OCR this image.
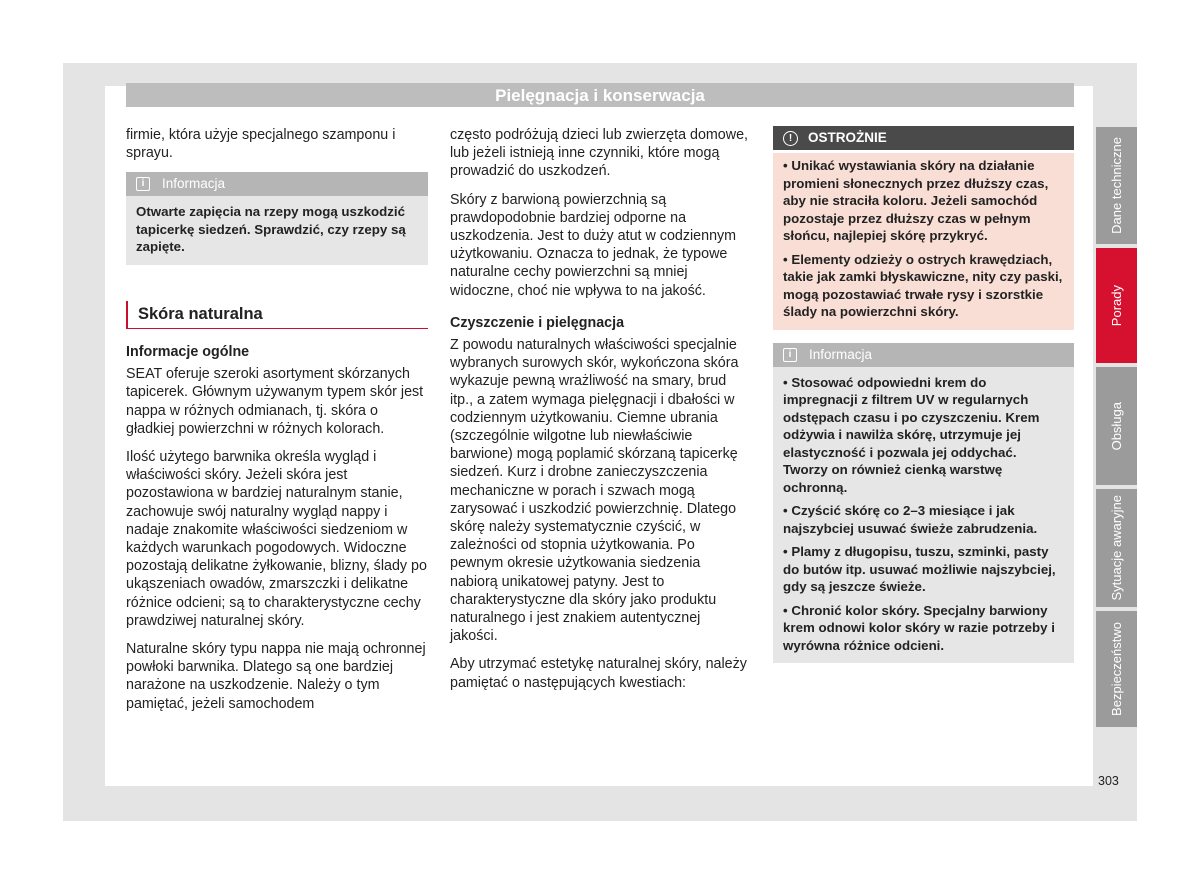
Pielęgnacja i konserwacja

firmie, która użyje specjalnego szamponu i sprayu.

i	Informacja

Otwarte zapięcia na rzepy mogą uszkodzić tapicerkę siedzeń. Sprawdzić, czy rzepy są zapięte.

Skóra naturalna
Informacje ogólne

SEAT oferuje szeroki asortyment skórzanych tapicerek. Głównym używanym typem skór jest nappa w różnych odmianach, tj. skóra o gładkiej powierzchni w różnych kolorach.

Ilość użytego barwnika określa wygląd i właściwości skóry. Jeżeli skóra jest pozostawiona w bardziej naturalnym stanie, zachowuje swój naturalny wygląd nappy i nadaje znakomite właściwości siedzeniom w każdych warunkach pogodowych. Widoczne pozostają delikatne żyłkowanie, blizny, ślady po ukąszeniach owadów, zmarszczki i delikatne różnice odcieni; są to charakterystyczne cechy prawdziwej naturalnej skóry.

Naturalne skóry typu nappa nie mają ochronnej powłoki barwnika. Dlatego są one bardziej narażone na uszkodzenie. Należy o tym pamiętać, jeżeli samochodem

często podróżują dzieci lub zwierzęta domowe, lub jeżeli istnieją inne czynniki, które mogą prowadzić do uszkodzeń.

Skóry z barwioną powierzchnią są prawdopodobnie bardziej odporne na uszkodzenia. Jest to duży atut w codziennym użytkowaniu. Oznacza to jednak, że typowe naturalne cechy powierzchni są mniej widoczne, choć nie wpływa to na jakość.

Czyszczenie i pielęgnacja

Z powodu naturalnych właściwości specjalnie wybranych surowych skór, wykończona skóra wykazuje pewną wrażliwość na smary, brud itp., a zatem wymaga pielęgnacji i dbałości w codziennym użytkowaniu. Ciemne ubrania (szczególnie wilgotne lub niewłaściwie barwione) mogą poplamić skórzaną tapicerkę siedzeń. Kurz i drobne zanieczyszczenia mechaniczne w porach i szwach mogą zarysować i uszkodzić powierzchnię. Dlatego skórę należy systematycznie czyścić, w zależności od stopnia użytkowania. Po pewnym okresie użytkowania siedzenia nabiorą unikatowej patyny. Jest to charakterystyczne dla skóry jako produktu naturalnego i jest znakiem autentycznej jakości.

Aby utrzymać estetykę naturalnej skóry, należy pamiętać o następujących kwestiach:

!	OSTROŻNIE

• Unikać wystawiania skóry na działanie promieni słonecznych przez dłuższy czas, aby nie straciła koloru. Jeżeli samochód pozostaje przez dłuższy czas w pełnym słońcu, najlepiej skórę przykryć.

• Elementy odzieży o ostrych krawędziach, takie jak zamki błyskawiczne, nity czy paski, mogą pozostawiać trwałe rysy i szorstkie ślady na powierzchni skóry.

i	Informacja

• Stosować odpowiedni krem do impregnacji z filtrem UV w regularnych odstępach czasu i po czyszczeniu. Krem odżywia i nawilża skórę, utrzymuje jej elastyczność i pozwala jej oddychać. Tworzy on również cienką warstwę ochronną.

• Czyścić skórę co 2–3 miesiące i jak najszybciej usuwać świeże zabrudzenia.

• Plamy z długopisu, tuszu, szminki, pasty do butów itp. usuwać możliwie najszybciej, gdy są jeszcze świeże.

• Chronić kolor skóry. Specjalny barwiony krem odnowi kolor skóry w razie potrzeby i wyrówna różnice odcieni.

Dane techniczne
Porady
Obsługa
Sytuacje awaryjne
Bezpieczeństwo
303
